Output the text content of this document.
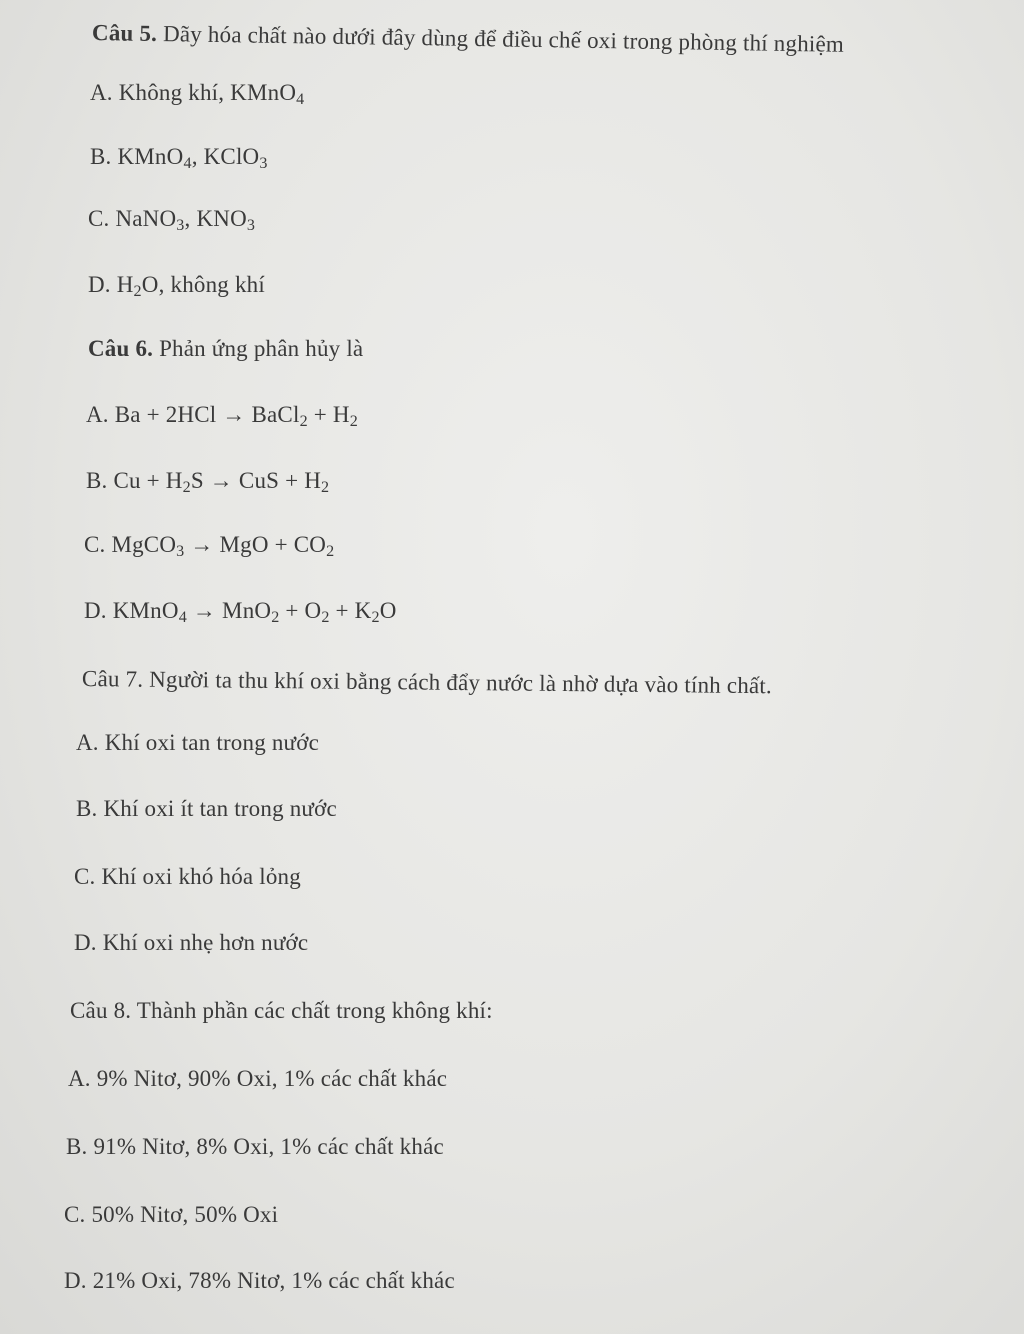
Câu 5. Dãy hóa chất nào dưới đây dùng để điều chế oxi trong phòng thí nghiệm
A. Không khí, KMnO$_4$
B. KMnO$_4$, KClO$_3$
C. NaNO$_3$, $KNO_3$
D. $H_2O$, không khí
Câu 6. Phản ứng phân hủy là
A. Ba + 2HCl → BaCl$_2$ + $H_2$
B. $Cu + H_2S$ → CuS + $H_2$
C. MgCO$_3$ → MgO + $CO_2$
D. KMnO$_4$ → $MnO_2 + O_2 + K_2O$
Câu 7. Người ta thu khí oxi bằng cách đẩy nước là nhờ dựa vào tính chất.
A. Khí oxi tan trong nước
B. Khí oxi ít tan trong nước
C. Khí oxi khó hóa lỏng
D. Khí oxi nhẹ hơn nước
Câu 8. Thành phần các chất trong không khí:
A. 9% Nitơ, 90% Oxi, 1% các chất khác
B. 91% Nitơ, 8% Oxi, 1% các chất khác
C. 50% Nitơ, 50% Oxi
D. 21% Oxi, 78% Nitơ, 1% các chất khác
